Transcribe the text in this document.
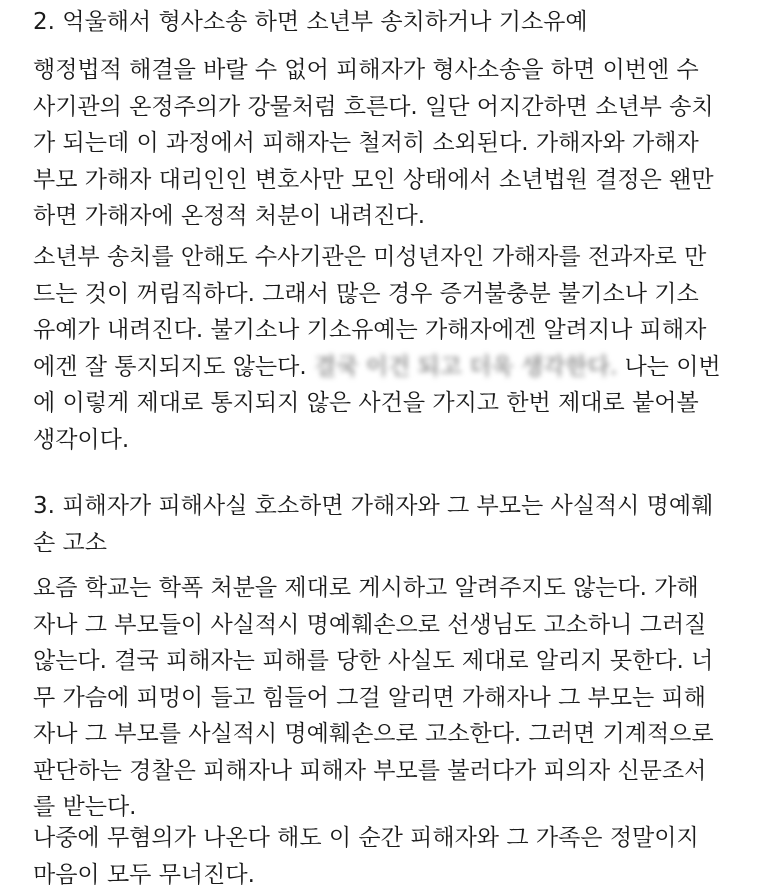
2. 억울해서 형사소송 하면 소년부 송치하거나 기소유예

행정법적 해결을 바랄 수 없어 피해자가 형사소송을 하면 이번엔 수
사기관의 온정주의가 강물처럼 흐른다. 일단 어지간하면 소년부 송치
가 되는데 이 과정에서 피해자는 철저히 소외된다. 가해자와 가해자
부모 가해자 대리인인 변호사만 모인 상태에서 소년법원 결정은 왠만
하면 가해자에 온정적 처분이 내려진다.

소년부 송치를 안해도 수사기관은 미성년자인 가해자를 전과자로 만
드는 것이 꺼림직하다. 그래서 많은 경우 증거불충분 불기소나 기소
유예가 내려진다. 불기소나 기소유예는 가해자에겐 알려지나 피해자
에겐 잘 통지되지도 않는다. 결국 이건 되고 더욱 생각한다. 나는 이번
에 이렇게 제대로 통지되지 않은 사건을 가지고 한번 제대로 붙어볼
생각이다.

3. 피해자가 피해사실 호소하면 가해자와 그 부모는 사실적시 명예훼
손 고소

요즘 학교는 학폭 처분을 제대로 게시하고 알려주지도 않는다. 가해
자나 그 부모들이 사실적시 명예훼손으로 선생님도 고소하니 그러질
않는다. 결국 피해자는 피해를 당한 사실도 제대로 알리지 못한다. 너
무 가슴에 피멍이 들고 힘들어 그걸 알리면 가해자나 그 부모는 피해
자나 그 부모를 사실적시 명예훼손으로 고소한다. 그러면 기계적으로
판단하는 경찰은 피해자나 피해자 부모를 불러다가 피의자 신문조서
를 받는다.

나중에 무혐의가 나온다 해도 이 순간 피해자와 그 가족은 정말이지
마음이 모두 무너진다.
